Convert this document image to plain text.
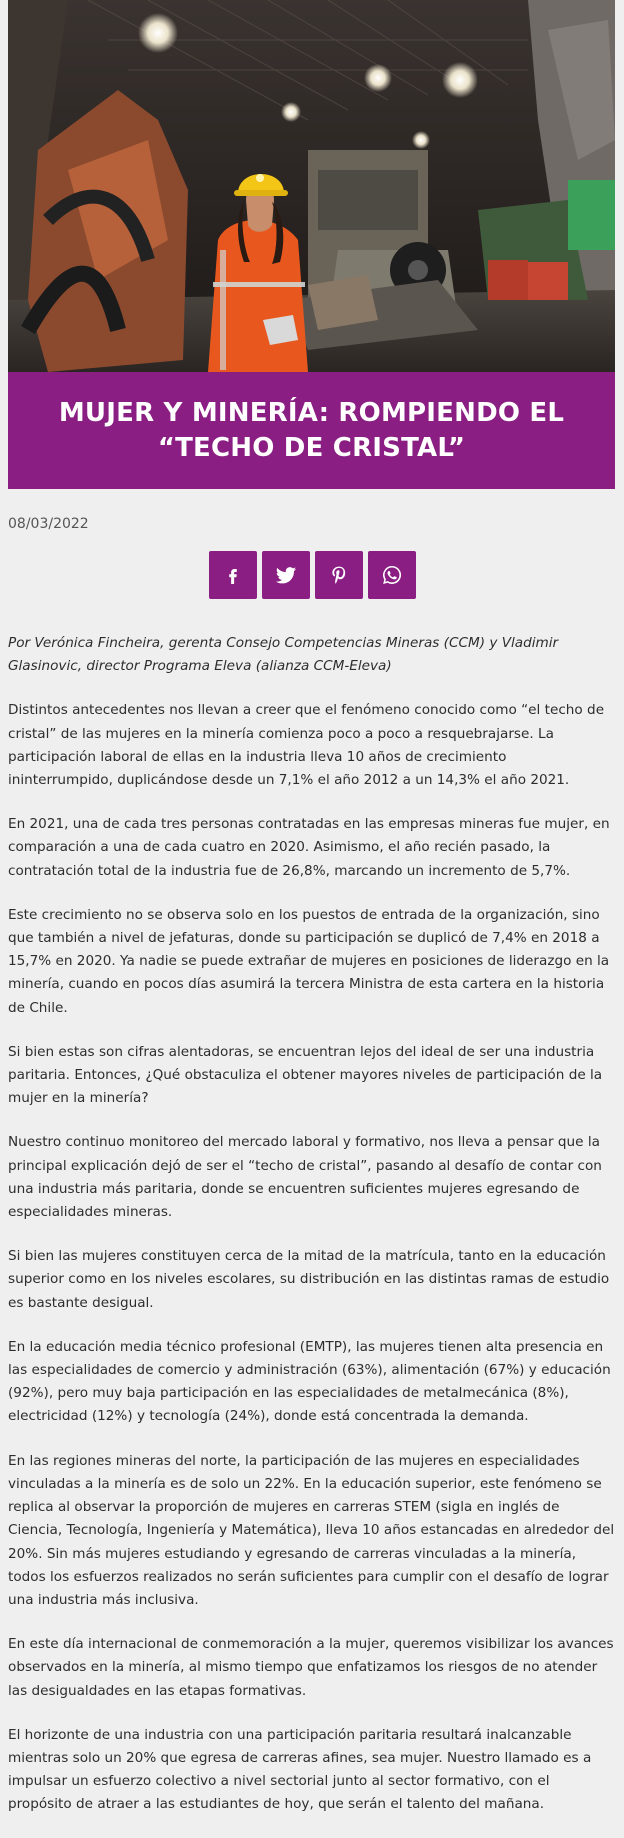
MUJER Y MINERÍA: ROMPIENDO EL “TECHO DE CRISTAL”
08/03/2022

Por Verónica Fincheira, gerenta Consejo Competencias Mineras (CCM) y Vladimir Glasinovic, director Programa Eleva (alianza CCM-Eleva)

Distintos antecedentes nos llevan a creer que el fenómeno conocido como “el techo de cristal” de las mujeres en la minería comienza poco a poco a resquebrajarse. La participación laboral de ellas en la industria lleva 10 años de crecimiento ininterrumpido, duplicándose desde un 7,1% el año 2012 a un 14,3% el año 2021.

En 2021, una de cada tres personas contratadas en las empresas mineras fue mujer, en comparación a una de cada cuatro en 2020. Asimismo, el año recién pasado, la contratación total de la industria fue de 26,8%, marcando un incremento de 5,7%.

Este crecimiento no se observa solo en los puestos de entrada de la organización, sino que también a nivel de jefaturas, donde su participación se duplicó de 7,4% en 2018 a 15,7% en 2020. Ya nadie se puede extrañar de mujeres en posiciones de liderazgo en la minería, cuando en pocos días asumirá la tercera Ministra de esta cartera en la historia de Chile.

Si bien estas son cifras alentadoras, se encuentran lejos del ideal de ser una industria paritaria. Entonces, ¿Qué obstaculiza el obtener mayores niveles de participación de la mujer en la minería?

Nuestro continuo monitoreo del mercado laboral y formativo, nos lleva a pensar que la principal explicación dejó de ser el “techo de cristal”, pasando al desafío de contar con una industria más paritaria, donde se encuentren suficientes mujeres egresando de especialidades mineras.

Si bien las mujeres constituyen cerca de la mitad de la matrícula, tanto en la educación superior como en los niveles escolares, su distribución en las distintas ramas de estudio es bastante desigual.

En la educación media técnico profesional (EMTP), las mujeres tienen alta presencia en las especialidades de comercio y administración (63%), alimentación (67%) y educación (92%), pero muy baja participación en las especialidades de metalmecánica (8%), electricidad (12%) y tecnología (24%), donde está concentrada la demanda.

En las regiones mineras del norte, la participación de las mujeres en especialidades vinculadas a la minería es de solo un 22%. En la educación superior, este fenómeno se replica al observar la proporción de mujeres en carreras STEM (sigla en inglés de Ciencia, Tecnología, Ingeniería y Matemática), lleva 10 años estancadas en alrededor del 20%. Sin más mujeres estudiando y egresando de carreras vinculadas a la minería, todos los esfuerzos realizados no serán suficientes para cumplir con el desafío de lograr una industria más inclusiva.

En este día internacional de conmemoración a la mujer, queremos visibilizar los avances observados en la minería, al mismo tiempo que enfatizamos los riesgos de no atender las desigualdades en las etapas formativas.

El horizonte de una industria con una participación paritaria resultará inalcanzable mientras solo un 20% que egresa de carreras afines, sea mujer. Nuestro llamado es a impulsar un esfuerzo colectivo a nivel sectorial junto al sector formativo, con el propósito de atraer a las estudiantes de hoy, que serán el talento del mañana.
